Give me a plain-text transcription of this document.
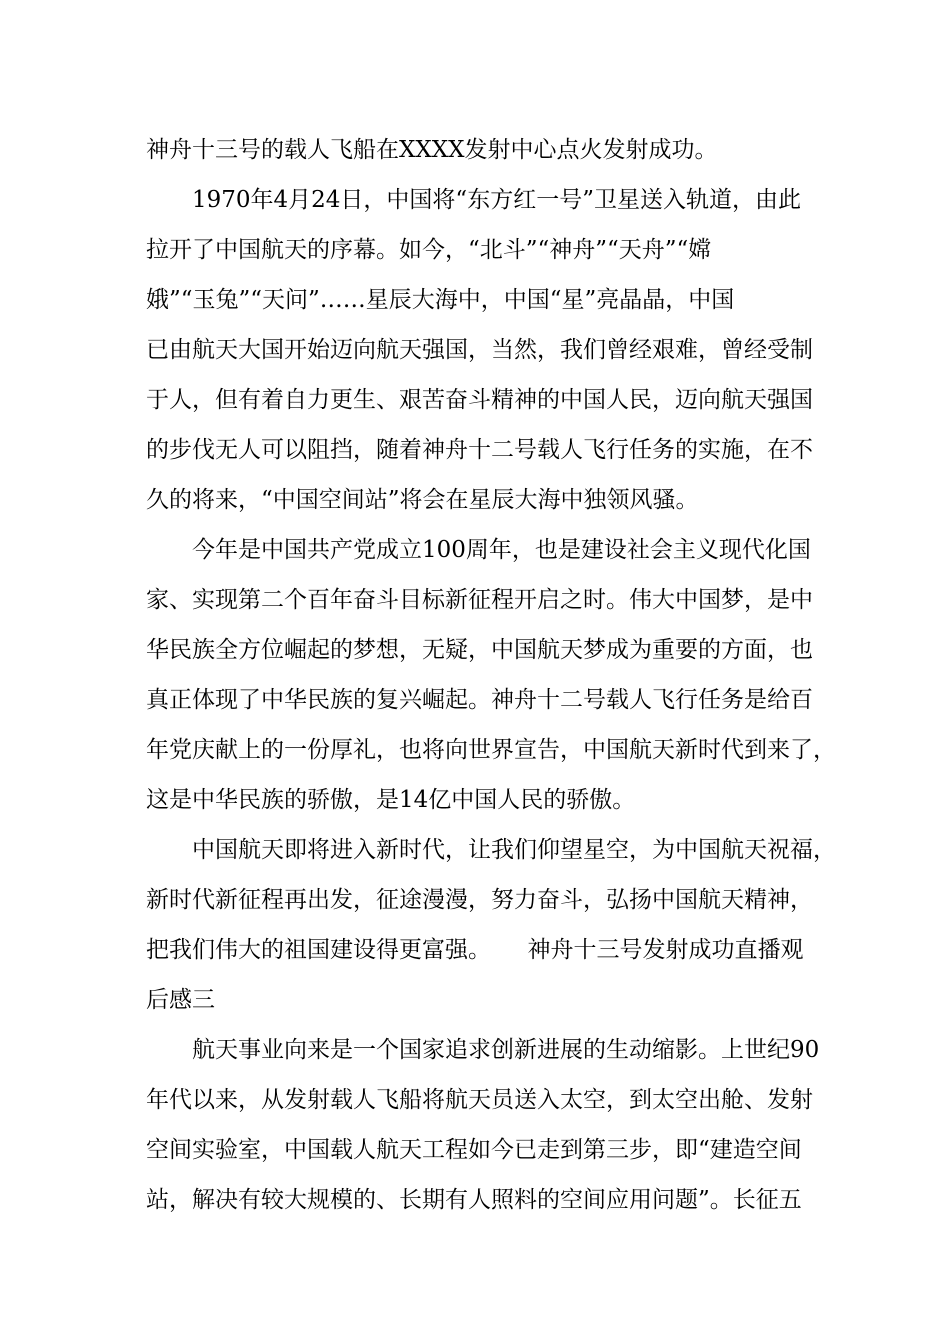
神舟十三号的载人飞船在XXXX发射中心点火发射成功。
1970年4月24日，中国将“东方红一号”卫星送入轨道，由此
拉开了中国航天的序幕。如今，“北斗”“神舟”“天舟”“嫦
娥”“玉兔”“天问”……星辰大海中，中国“星”亮晶晶，中国
已由航天大国开始迈向航天强国，当然，我们曾经艰难，曾经受制
于人，但有着自力更生、艰苦奋斗精神的中国人民，迈向航天强国
的步伐无人可以阻挡，随着神舟十二号载人飞行任务的实施，在不
久的将来，“中国空间站”将会在星辰大海中独领风骚。
今年是中国共产党成立100周年，也是建设社会主义现代化国
家、实现第二个百年奋斗目标新征程开启之时。伟大中国梦，是中
华民族全方位崛起的梦想，无疑，中国航天梦成为重要的方面，也
真正体现了中华民族的复兴崛起。神舟十二号载人飞行任务是给百
年党庆献上的一份厚礼，也将向世界宣告，中国航天新时代到来了，
这是中华民族的骄傲，是14亿中国人民的骄傲。
中国航天即将进入新时代，让我们仰望星空，为中国航天祝福，
新时代新征程再出发，征途漫漫，努力奋斗，弘扬中国航天精神，
把我们伟大的祖国建设得更富强。     神舟十三号发射成功直播观
后感三
航天事业向来是一个国家追求创新进展的生动缩影。上世纪90
年代以来，从发射载人飞船将航天员送入太空，到太空出舱、发射
空间实验室，中国载人航天工程如今已走到第三步，即“建造空间
站，解决有较大规模的、长期有人照料的空间应用问题”。长征五
